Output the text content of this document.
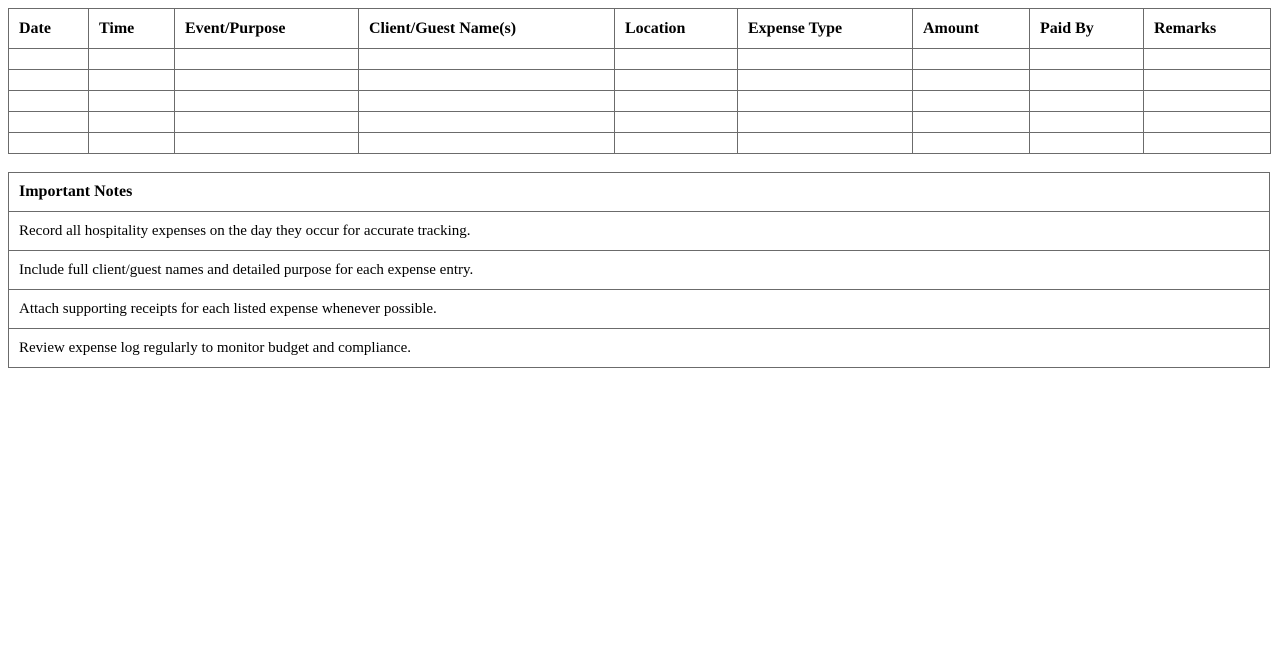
Date	Time	Event/Purpose	Client/Guest Name(s)	Location	Expense Type	Amount	Paid By	Remarks

Important Notes
Record all hospitality expenses on the day they occur for accurate tracking.
Include full client/guest names and detailed purpose for each expense entry.
Attach supporting receipts for each listed expense whenever possible.
Review expense log regularly to monitor budget and compliance.
